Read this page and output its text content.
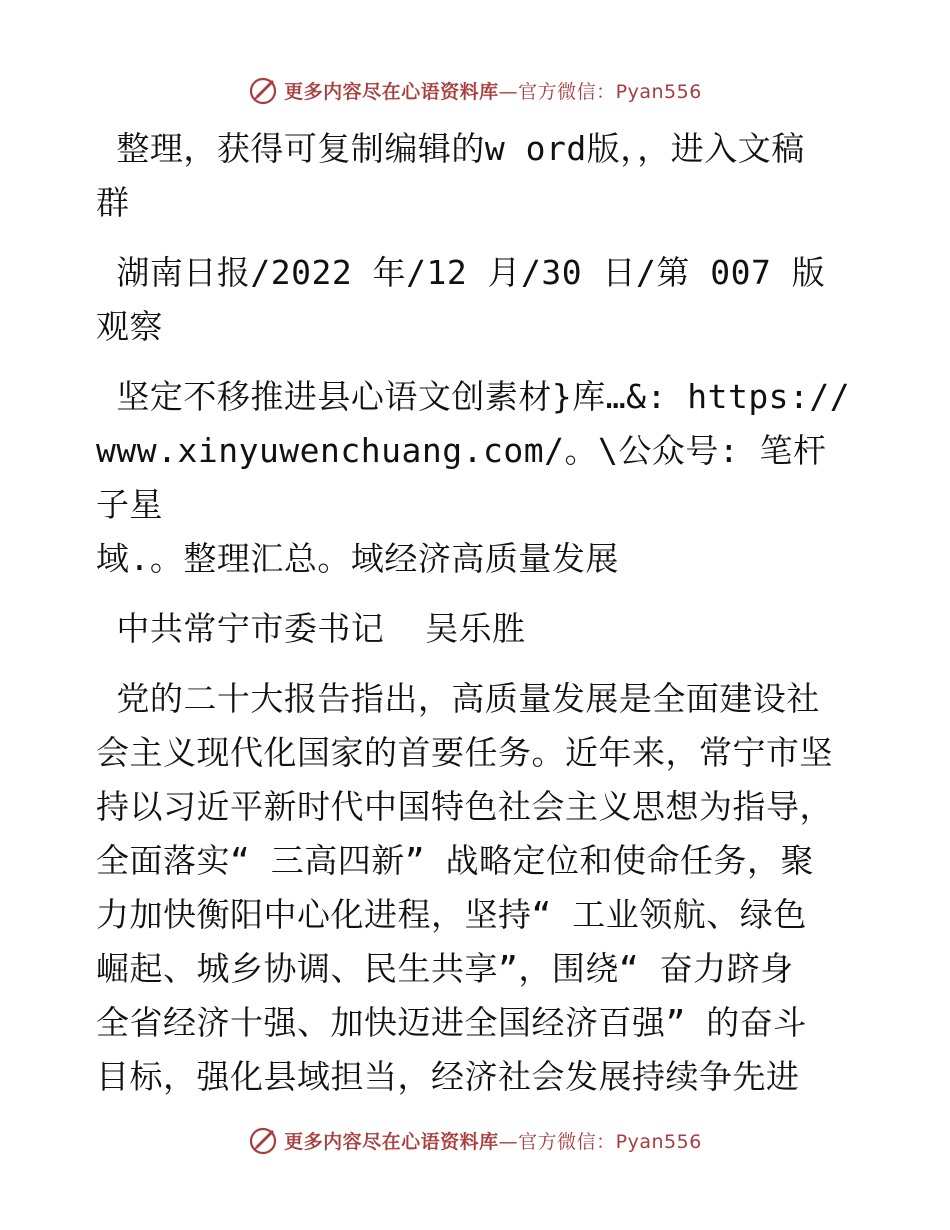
更多内容尽在心语资料库—官方微信：Pyan556

整理，获得可复制编辑的w ord版，，进入文稿
群

湖南日报/2022 年/12 月/30 日/第 007 版观察

坚定不移推进县心语文创素材}库…&: https://
www.xinyuwenchuang.com/。\公众号: 笔杆子星
域.。整理汇总。域经济高质量发展

中共常宁市委书记  吴乐胜

党的二十大报告指出，高质量发展是全面建设社
会主义现代化国家的首要任务。近年来，常宁市坚
持以习近平新时代中国特色社会主义思想为指导，
全面落实“ 三高四新” 战略定位和使命任务，聚
力加快衡阳中心化进程，坚持“ 工业领航、绿色
崛起、城乡协调、民生共享”，围绕“ 奋力跻身
全省经济十强、加快迈进全国经济百强” 的奋斗
目标，强化县域担当，经济社会发展持续争先进

更多内容尽在心语资料库—官方微信：Pyan556
